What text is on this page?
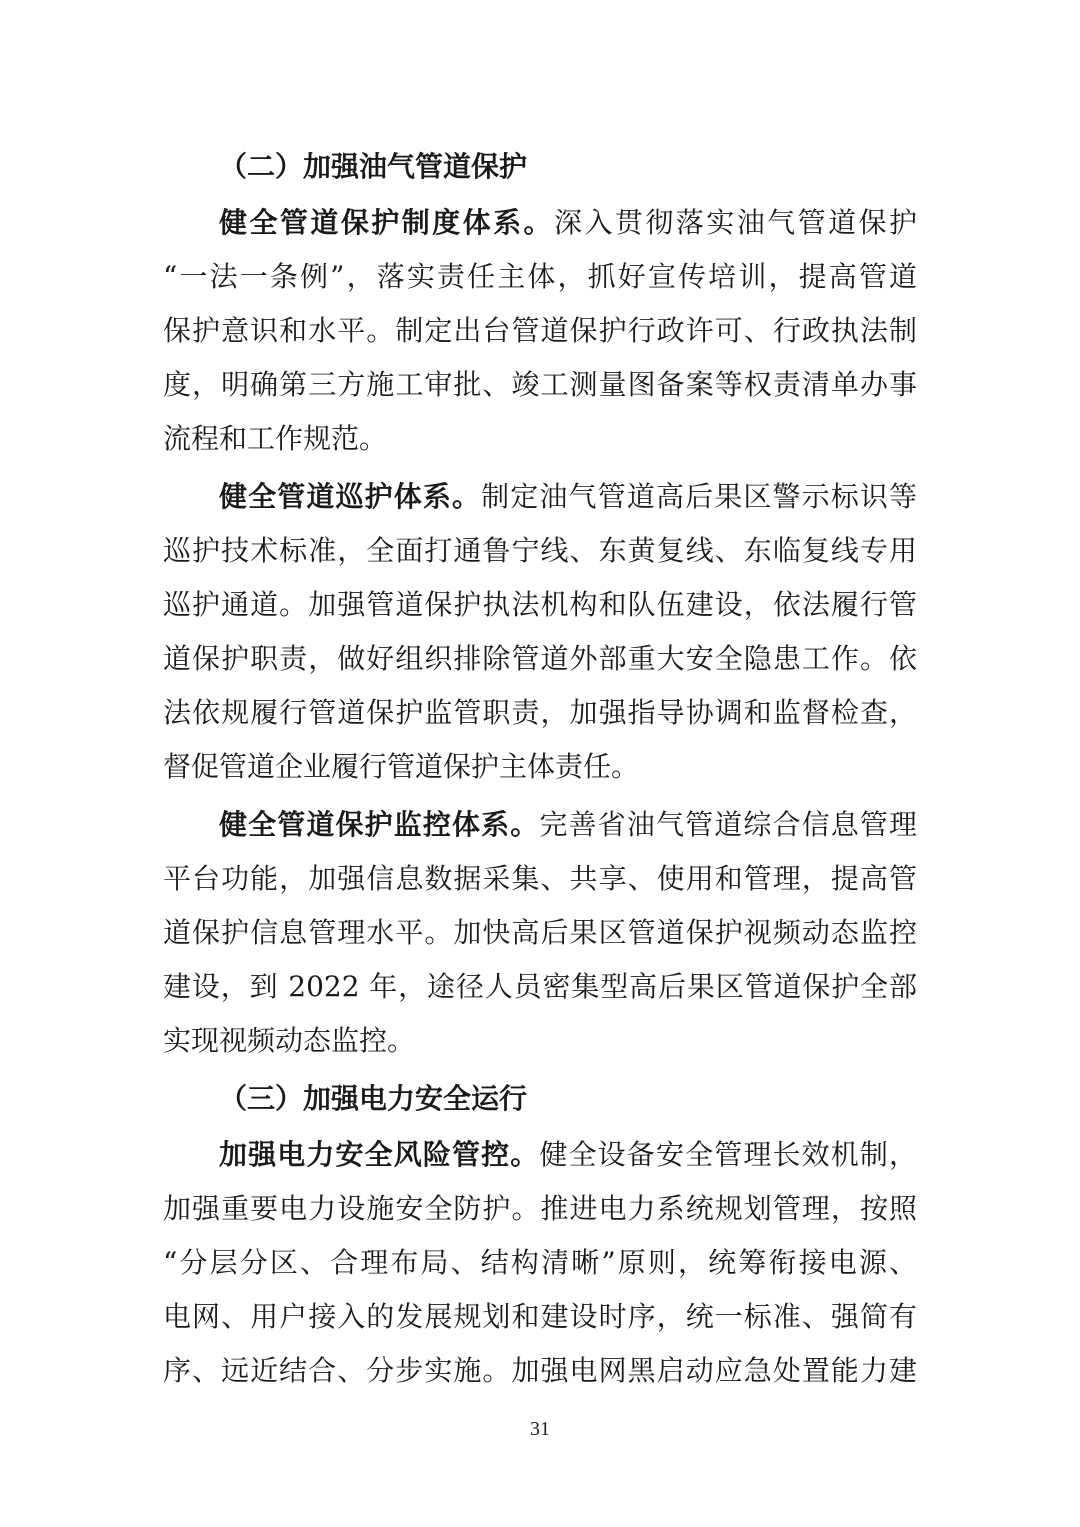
（二）加强油气管道保护
健全管道保护制度体系。深入贯彻落实油气管道保护
“一法一条例”，落实责任主体，抓好宣传培训，提高管道
保护意识和水平。制定出台管道保护行政许可、行政执法制
度，明确第三方施工审批、竣工测量图备案等权责清单办事
流程和工作规范。
健全管道巡护体系。制定油气管道高后果区警示标识等
巡护技术标准，全面打通鲁宁线、东黄复线、东临复线专用
巡护通道。加强管道保护执法机构和队伍建设，依法履行管
道保护职责，做好组织排除管道外部重大安全隐患工作。依
法依规履行管道保护监管职责，加强指导协调和监督检查，
督促管道企业履行管道保护主体责任。
健全管道保护监控体系。完善省油气管道综合信息管理
平台功能，加强信息数据采集、共享、使用和管理，提高管
道保护信息管理水平。加快高后果区管道保护视频动态监控
建设，到 2022 年，途径人员密集型高后果区管道保护全部
实现视频动态监控。
（三）加强电力安全运行
加强电力安全风险管控。健全设备安全管理长效机制，
加强重要电力设施安全防护。推进电力系统规划管理，按照
“分层分区、合理布局、结构清晰”原则，统筹衔接电源、
电网、用户接入的发展规划和建设时序，统一标准、强简有
序、远近结合、分步实施。加强电网黑启动应急处置能力建
31
